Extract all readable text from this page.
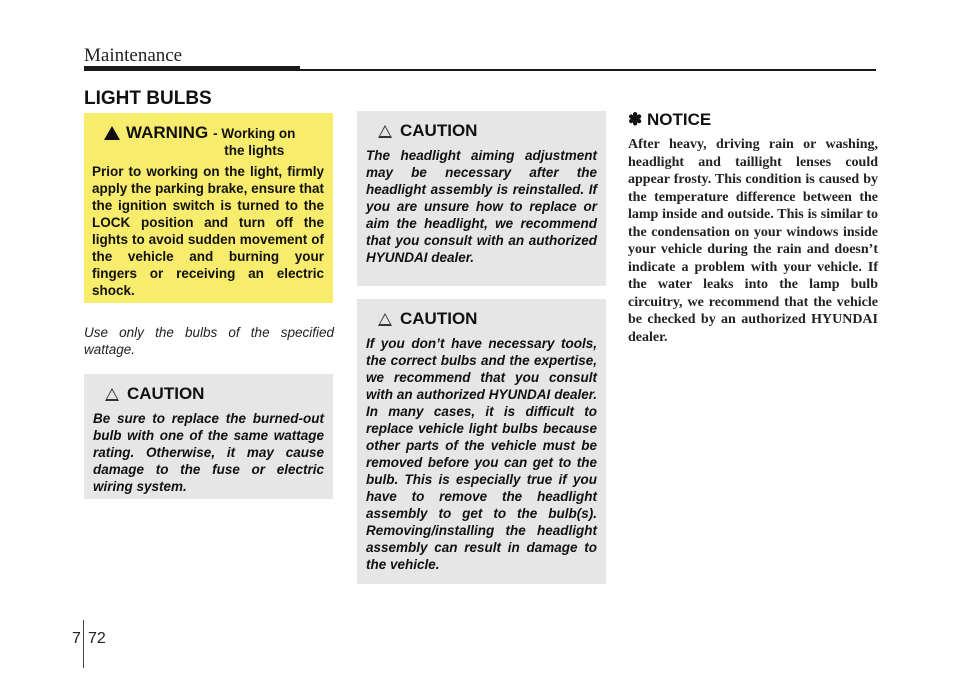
Maintenance
LIGHT BULBS
WARNING - Working on
the lights
Prior to working on the light, firmly apply the parking brake, ensure that the ignition switch is turned to the LOCK position and turn off the lights to avoid sudden movement of the vehicle and burning your fingers or receiving an electric shock.
Use only the bulbs of the specified wattage.
CAUTION
Be sure to replace the burned-out bulb with one of the same wattage rating. Otherwise, it may cause damage to the fuse or electric wiring system.
CAUTION
The headlight aiming adjustment may be necessary after the headlight assembly is reinstalled. If you are unsure how to replace or aim the headlight, we recommend that you consult with an authorized HYUNDAI dealer.
CAUTION
If you don’t have necessary tools, the correct bulbs and the expertise, we recommend that you consult with an authorized HYUNDAI dealer. In many cases, it is difficult to replace vehicle light bulbs because other parts of the vehicle must be removed before you can get to the bulb. This is especially true if you have to remove the headlight assembly to get to the bulb(s). Removing/installing the headlight assembly can result in damage to the vehicle.
✽ NOTICE
After heavy, driving rain or washing, headlight and taillight lenses could appear frosty. This condition is caused by the temperature difference between the lamp inside and outside. This is similar to the condensation on your windows inside your vehicle during the rain and doesn’t indicate a problem with your vehicle. If the water leaks into the lamp bulb circuitry, we recommend that the vehicle be checked by an authorized HYUNDAI dealer.
7 72
